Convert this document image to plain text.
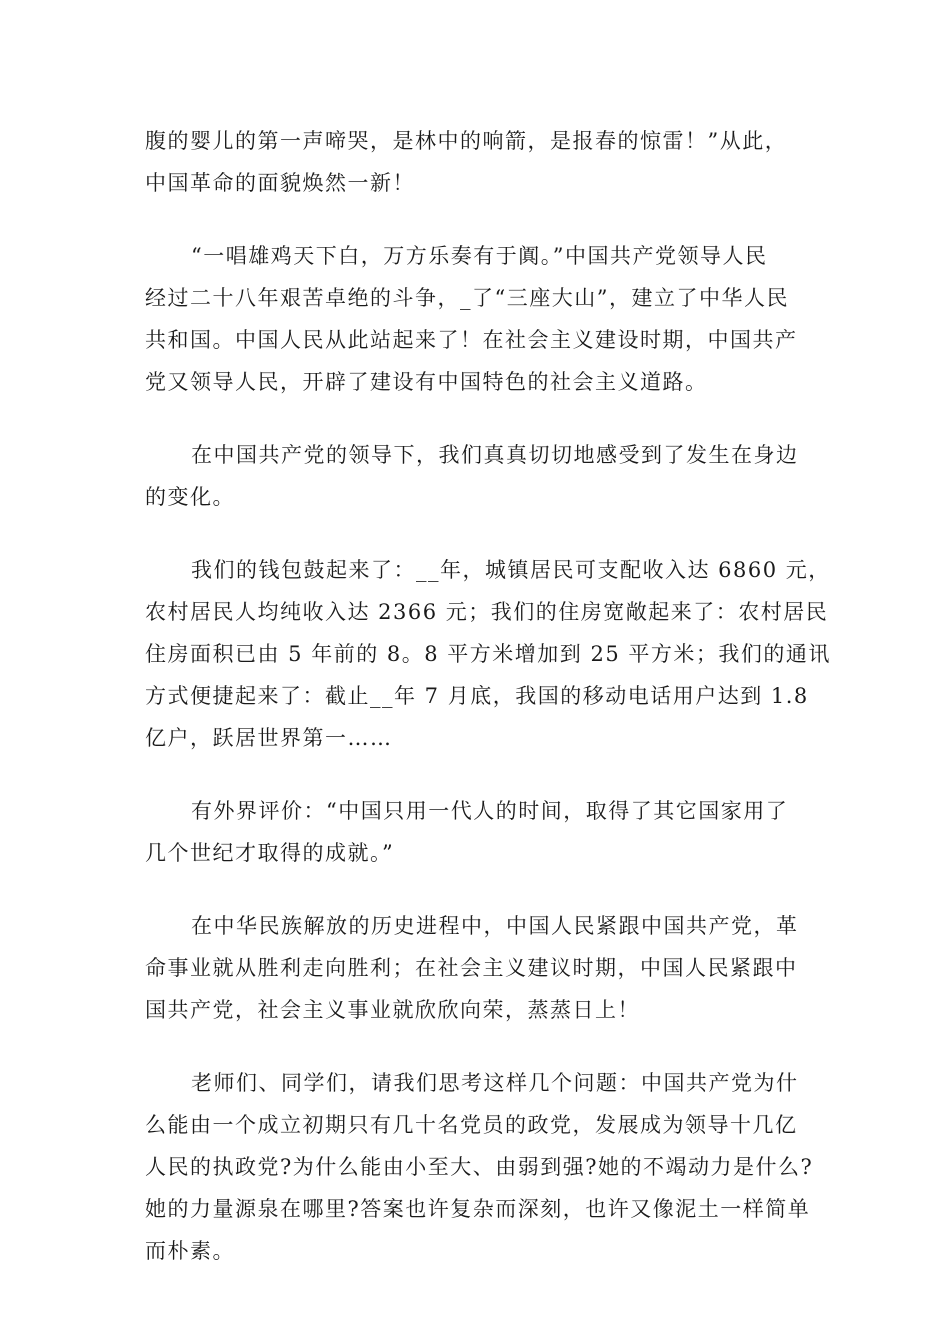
腹的婴儿的第一声啼哭，是林中的响箭，是报春的惊雷！”从此，
中国革命的面貌焕然一新！
“一唱雄鸡天下白，万方乐奏有于阗。”中国共产党领导人民
经过二十八年艰苦卓绝的斗争，_了“三座大山”，建立了中华人民
共和国。中国人民从此站起来了！在社会主义建设时期，中国共产
党又领导人民，开辟了建设有中国特色的社会主义道路。
在中国共产党的领导下，我们真真切切地感受到了发生在身边
的变化。
我们的钱包鼓起来了：__年，城镇居民可支配收入达 6860 元，
农村居民人均纯收入达 2366 元；我们的住房宽敞起来了：农村居民
住房面积已由 5 年前的 8。8 平方米增加到 25 平方米；我们的通讯
方式便捷起来了：截止__年 7 月底，我国的移动电话用户达到 1.8
亿户，跃居世界第一……
有外界评价：“中国只用一代人的时间，取得了其它国家用了
几个世纪才取得的成就。”
在中华民族解放的历史进程中，中国人民紧跟中国共产党，革
命事业就从胜利走向胜利；在社会主义建议时期，中国人民紧跟中
国共产党，社会主义事业就欣欣向荣，蒸蒸日上！
老师们、同学们，请我们思考这样几个问题：中国共产党为什
么能由一个成立初期只有几十名党员的政党，发展成为领导十几亿
人民的执政党?为什么能由小至大、由弱到强?她的不竭动力是什么?
她的力量源泉在哪里?答案也许复杂而深刻，也许又像泥土一样简单
而朴素。
